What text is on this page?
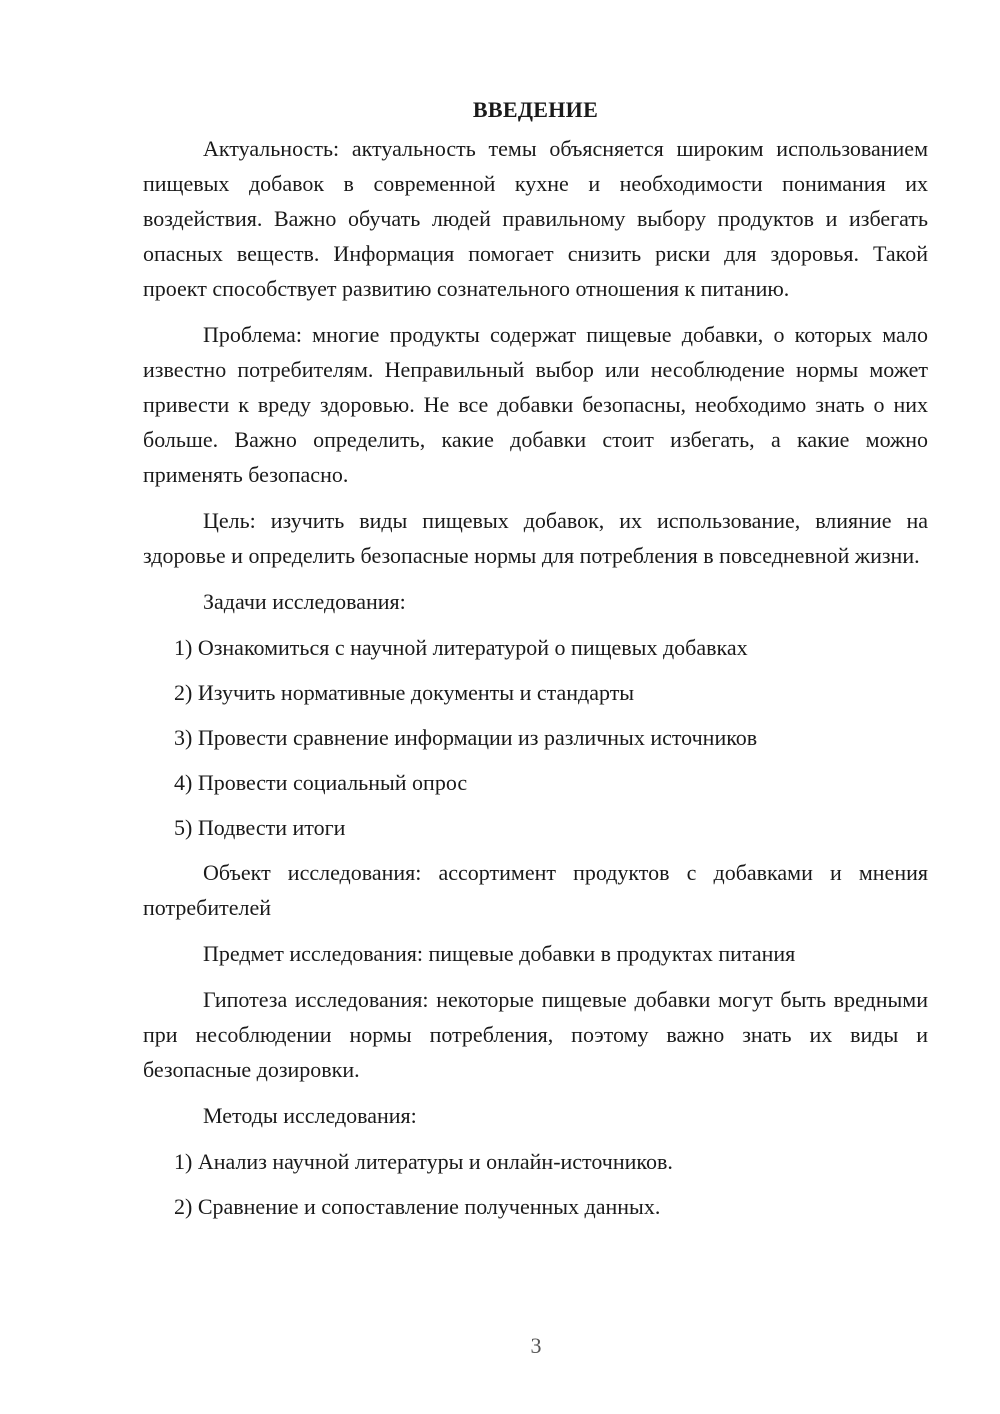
ВВЕДЕНИЕ

Актуальность: актуальность темы объясняется широким использованием пищевых добавок в современной кухне и необходимости понимания их воздействия. Важно обучать людей правильному выбору продуктов и избегать опасных веществ. Информация помогает снизить риски для здоровья. Такой проект способствует развитию сознательного отношения к питанию.

Проблема: многие продукты содержат пищевые добавки, о которых мало известно потребителям. Неправильный выбор или несоблюдение нормы может привести к вреду здоровью. Не все добавки безопасны, необходимо знать о них больше. Важно определить, какие добавки стоит избегать, а какие можно применять безопасно.

Цель: изучить виды пищевых добавок, их использование, влияние на здоровье и определить безопасные нормы для потребления в повседневной жизни.

Задачи исследования:

1) Ознакомиться с научной литературой о пищевых добавках
2) Изучить нормативные документы и стандарты
3) Провести сравнение информации из различных источников
4) Провести социальный опрос
5) Подвести итоги

Объект исследования: ассортимент продуктов с добавками и мнения потребителей

Предмет исследования: пищевые добавки в продуктах питания

Гипотеза исследования: некоторые пищевые добавки могут быть вредными при несоблюдении нормы потребления, поэтому важно знать их виды и безопасные дозировки.

Методы исследования:

1) Анализ научной литературы и онлайн-источников.
2) Сравнение и сопоставление полученных данных.
3
